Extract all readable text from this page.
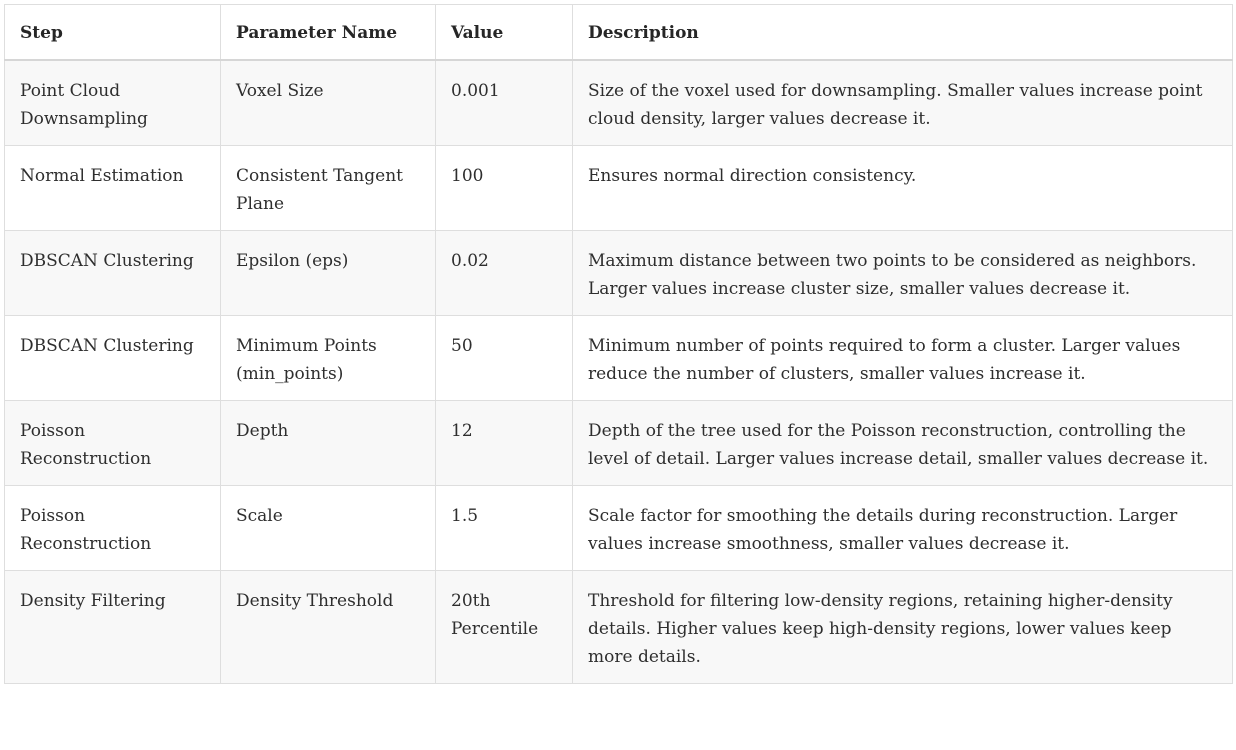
Step	Parameter Name	Value	Description
Point Cloud Downsampling	Voxel Size	0.001	Size of the voxel used for downsampling. Smaller values increase point cloud density, larger values decrease it.
Normal Estimation	Consistent Tangent Plane	100	Ensures normal direction consistency.
DBSCAN Clustering	Epsilon (eps)	0.02	Maximum distance between two points to be considered as neighbors. Larger values increase cluster size, smaller values decrease it.
DBSCAN Clustering	Minimum Points (min_points)	50	Minimum number of points required to form a cluster. Larger values reduce the number of clusters, smaller values increase it.
Poisson Reconstruction	Depth	12	Depth of the tree used for the Poisson reconstruction, controlling the level of detail. Larger values increase detail, smaller values decrease it.
Poisson Reconstruction	Scale	1.5	Scale factor for smoothing the details during reconstruction. Larger values increase smoothness, smaller values decrease it.
Density Filtering	Density Threshold	20th Percentile	Threshold for filtering low-density regions, retaining higher-density details. Higher values keep high-density regions, lower values keep more details.
